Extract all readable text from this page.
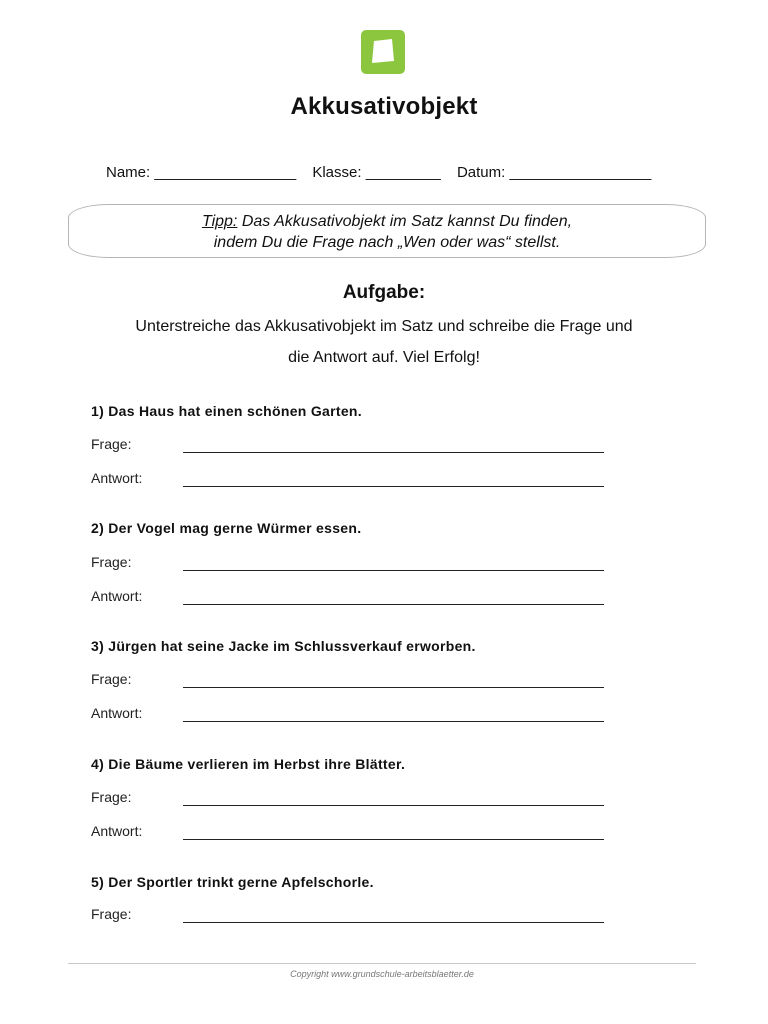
Akkusativobjekt
Name: _________________ Klasse: _________ Datum: _________________
Tipp: Das Akkusativobjekt im Satz kannst Du finden,
indem Du die Frage nach „Wen oder was“ stellst.
Aufgabe:
Unterstreiche das Akkusativobjekt im Satz und schreibe die Frage und
die Antwort auf. Viel Erfolg!
1) Das Haus hat einen schönen Garten.
Frage:
Antwort:
2) Der Vogel mag gerne Würmer essen.
Frage:
Antwort:
3) Jürgen hat seine Jacke im Schlussverkauf erworben.
Frage:
Antwort:
4) Die Bäume verlieren im Herbst ihre Blätter.
Frage:
Antwort:
5) Der Sportler trinkt gerne Apfelschorle.
Frage:
Copyright www.grundschule-arbeitsblaetter.de
